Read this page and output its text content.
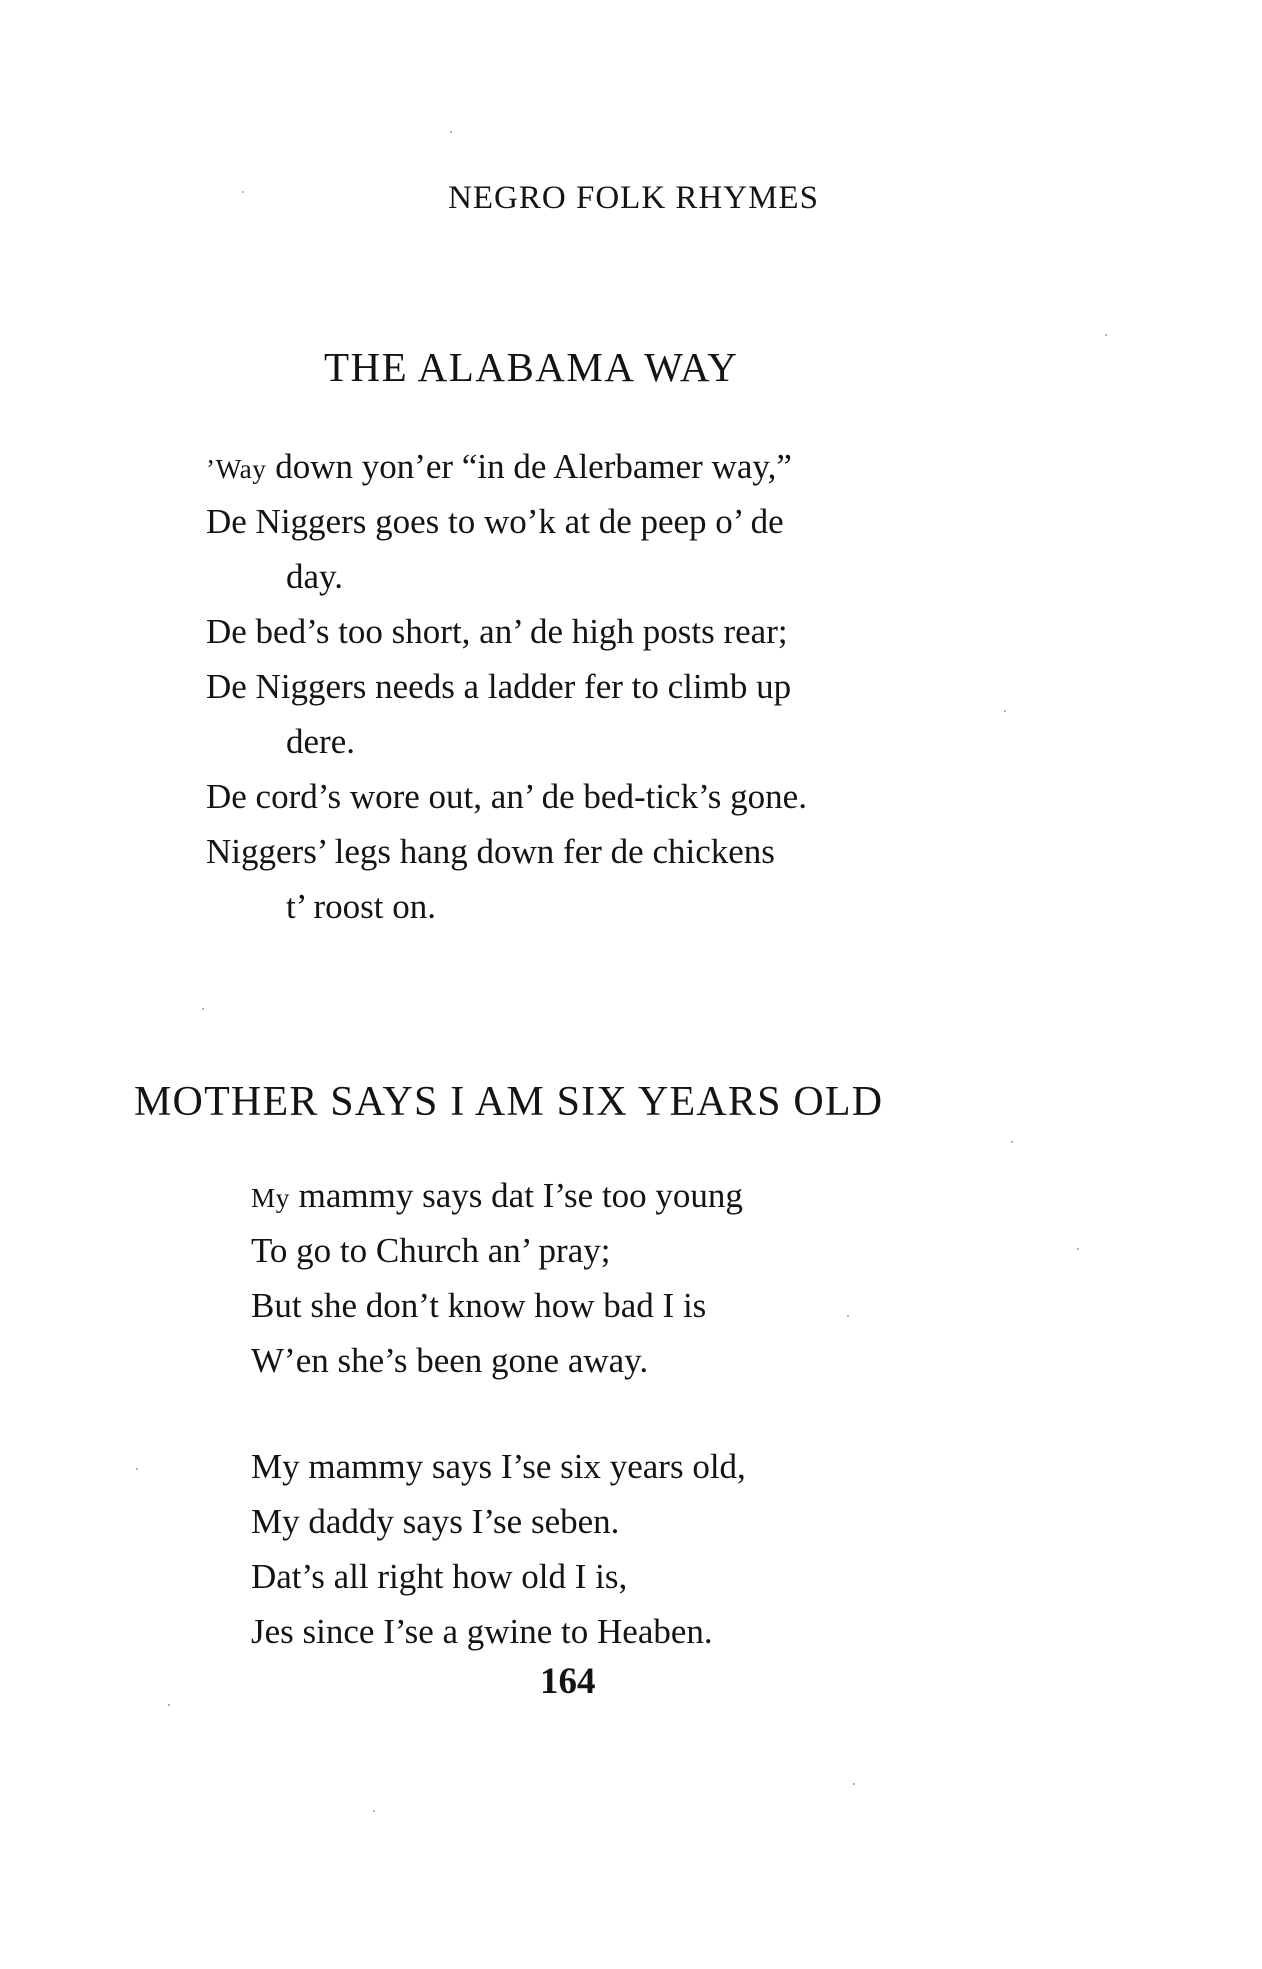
NEGRO FOLK RHYMES
THE ALABAMA WAY
’Way down yon’er “in de Alerbamer way,”
De Niggers goes to wo’k at de peep o’ de
day.
De bed’s too short, an’ de high posts rear;
De Niggers needs a ladder fer to climb up
dere.
De cord’s wore out, an’ de bed-tick’s gone.
Niggers’ legs hang down fer de chickens
t’ roost on.
MOTHER SAYS I AM SIX YEARS OLD
My mammy says dat I’se too young
To go to Church an’ pray;
But she don’t know how bad I is
W’en she’s been gone away.
My mammy says I’se six years old,
My daddy says I’se seben.
Dat’s all right how old I is,
Jes since I’se a gwine to Heaben.
164
